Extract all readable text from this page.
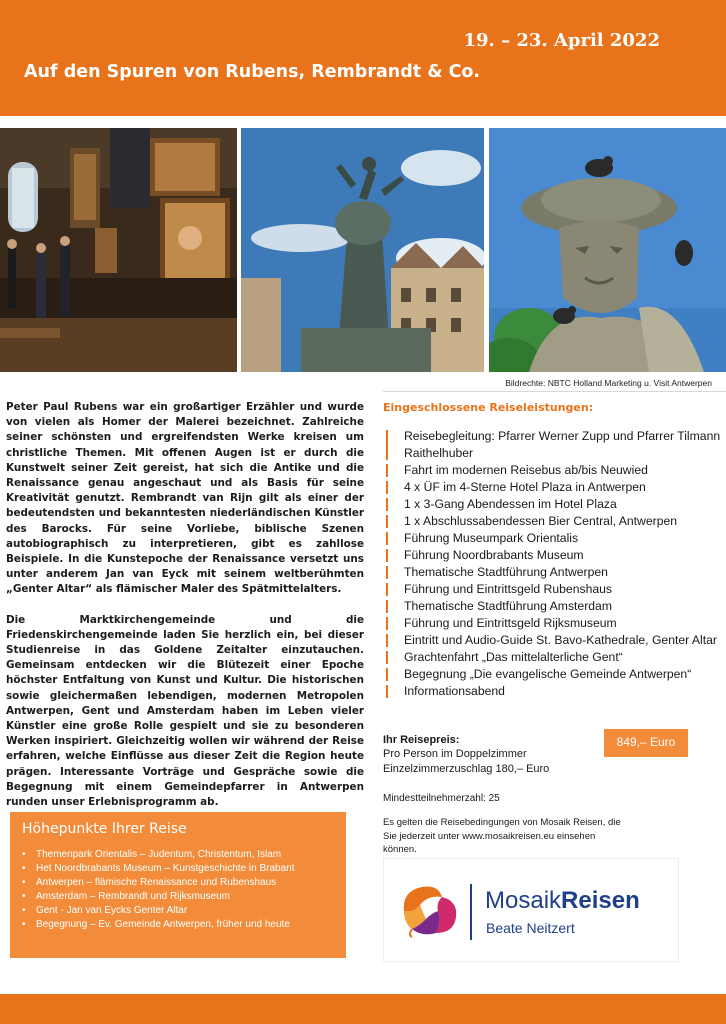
19. – 23. April 2022
Auf den Spuren von Rubens, Rembrandt & Co.
Bildrechte: NBTC Holland Marketing u. Visit Antwerpen

Peter Paul Rubens war ein großartiger Erzähler und wurde von vielen als Homer der Malerei bezeichnet. Zahlreiche seiner schönsten und ergreifendsten Werke kreisen um christliche Themen. Mit offenen Augen ist er durch die Kunstwelt seiner Zeit gereist, hat sich die Antike und die Renaissance genau angeschaut und als Basis für seine Kreativität genutzt. Rembrandt van Rijn gilt als einer der bedeutendsten und bekanntesten niederländischen Künstler des Barocks. Für seine Vorliebe, biblische Szenen autobiographisch zu interpretieren, gibt es zahllose Beispiele. In die Kunstepoche der Renaissance versetzt uns unter anderem Jan van Eyck mit seinem weltberühmten „Genter Altar“ als flämischer Maler des Spätmittelalters.

Die Marktkirchengemeinde und die Friedenskirchengemeinde laden Sie herzlich ein, bei dieser Studienreise in das Goldene Zeitalter einzutauchen. Gemeinsam entdecken wir die Blütezeit einer Epoche höchster Entfaltung von Kunst und Kultur. Die historischen sowie gleichermaßen lebendigen, modernen Metropolen Antwerpen, Gent und Amsterdam haben im Leben vieler Künstler eine große Rolle gespielt und sie zu besonderen Werken inspiriert. Gleichzeitig wollen wir während der Reise erfahren, welche Einflüsse aus dieser Zeit die Region heute prägen. Interessante Vorträge und Gespräche sowie die Begegnung mit einem Gemeindepfarrer in Antwerpen runden unser Erlebnisprogramm ab.

Höhepunkte Ihrer Reise
• Themenpark Orientalis – Judentum, Christentum, Islam
• Het Noordbrabants Museum – Kunstgeschichte in Brabant
• Antwerpen – flämische Renaissance und Rubenshaus
• Amsterdam – Rembrandt und Rijksmuseum
• Gent - Jan van Eycks Genter Altar
• Begegnung – Ev. Gemeinde Antwerpen, früher und heute
Eingeschlossene Reiseleistungen:
Reisebegleitung: Pfarrer Werner Zupp und Pfarrer Tilmann Raithelhuber
Fahrt im modernen Reisebus ab/bis Neuwied
4 x ÜF im 4-Sterne Hotel Plaza in Antwerpen
1 x 3-Gang Abendessen im Hotel Plaza
1 x Abschlussabendessen Bier Central, Antwerpen
Führung Museumpark Orientalis
Führung Noordbrabants Museum
Thematische Stadtführung Antwerpen
Führung und Eintrittsgeld Rubenshaus
Thematische Stadtführung Amsterdam
Führung und Eintrittsgeld Rijksmuseum
Eintritt und Audio-Guide St. Bavo-Kathedrale, Genter Altar
Grachtenfahrt „Das mittelalterliche Gent“
Begegnung „Die evangelische Gemeinde Antwerpen“
Informationsabend
Ihr Reisepreis:
Pro Person im Doppelzimmer
Einzelzimmerzuschlag 180,– Euro
849,– Euro
Mindestteilnehmerzahl: 25
Es gelten die Reisebedingungen von Mosaik Reisen, die Sie jederzeit unter www.mosaikreisen.eu einsehen können.
MosaikReisen
Beate Neitzert
